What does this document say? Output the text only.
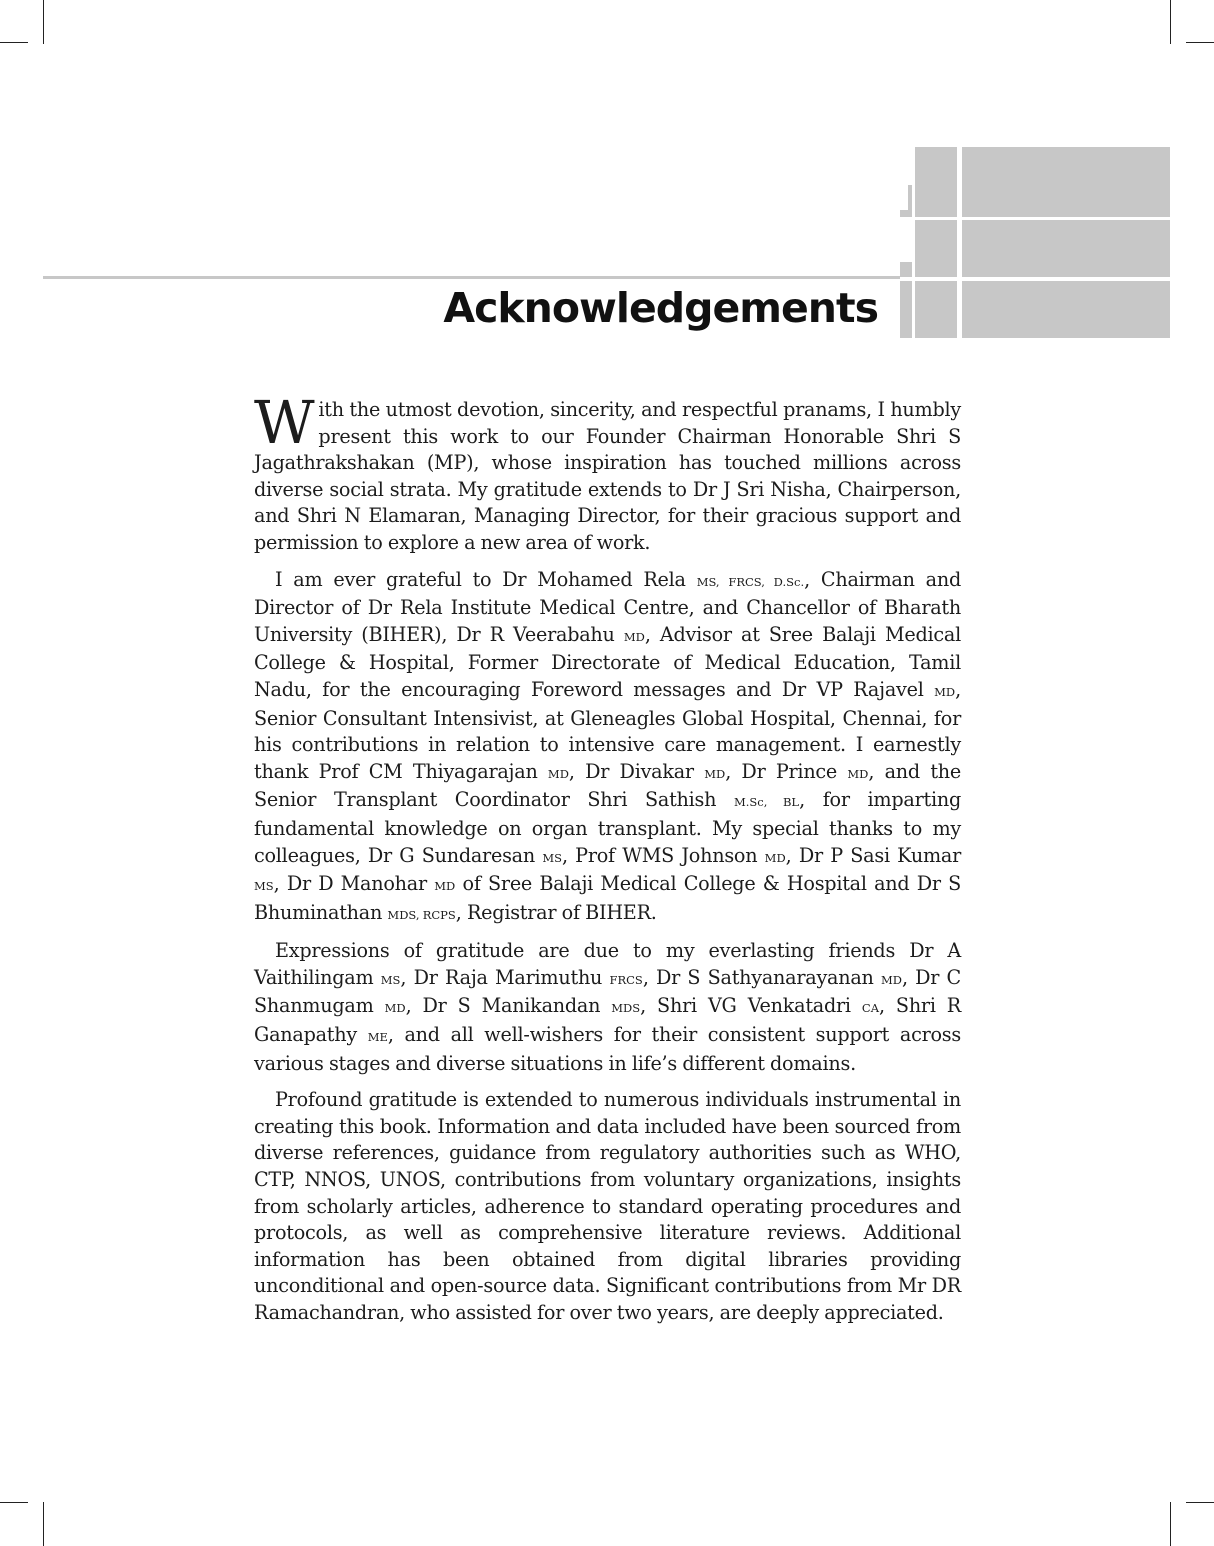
Acknowledgements

With the utmost devotion, sincerity, and respectful pranams, I humbly present this work to our Founder Chairman Honorable Shri S Jagathrakshakan (MP), whose inspiration has touched millions across diverse social strata. My gratitude extends to Dr J Sri Nisha, Chairperson, and Shri N Elamaran, Managing Director, for their gracious support and permission to explore a new area of work.

I am ever grateful to Dr Mohamed Rela MS, FRCS, D.Sc., Chairman and Director of Dr Rela Institute Medical Centre, and Chancellor of Bharath University (BIHER), Dr R Veerabahu MD, Advisor at Sree Balaji Medical College & Hospital, Former Directorate of Medical Education, Tamil Nadu, for the encouraging Foreword messages and Dr VP Rajavel MD, Senior Consultant Intensivist, at Gleneagles Global Hospital, Chennai, for his contributions in relation to intensive care management. I earnestly thank Prof CM Thiyagarajan MD, Dr Divakar MD, Dr Prince MD, and the Senior Transplant Coordinator Shri Sathish M.Sc, BL, for imparting fundamental knowledge on organ transplant. My special thanks to my colleagues, Dr G Sundaresan MS, Prof WMS Johnson MD, Dr P Sasi Kumar MS, Dr D Manohar MD of Sree Balaji Medical College & Hospital and Dr S Bhuminathan MDS, RCPS, Registrar of BIHER.

Expressions of gratitude are due to my everlasting friends Dr A Vaithilingam MS, Dr Raja Marimuthu FRCS, Dr S Sathyanarayanan MD, Dr C Shanmugam MD, Dr S Manikandan MDS, Shri VG Venkatadri CA, Shri R Ganapathy ME, and all well-wishers for their consistent support across various stages and diverse situations in life’s different domains.

Profound gratitude is extended to numerous individuals instrumental in creating this book. Information and data included have been sourced from diverse references, guidance from regulatory authorities such as WHO, CTP, NNOS, UNOS, contributions from voluntary organizations, insights from scholarly articles, adherence to standard operating procedures and protocols, as well as comprehensive literature reviews. Additional information has been obtained from digital libraries providing unconditional and open-source data. Significant contributions from Mr DR Ramachandran, who assisted for over two years, are deeply appreciated.
